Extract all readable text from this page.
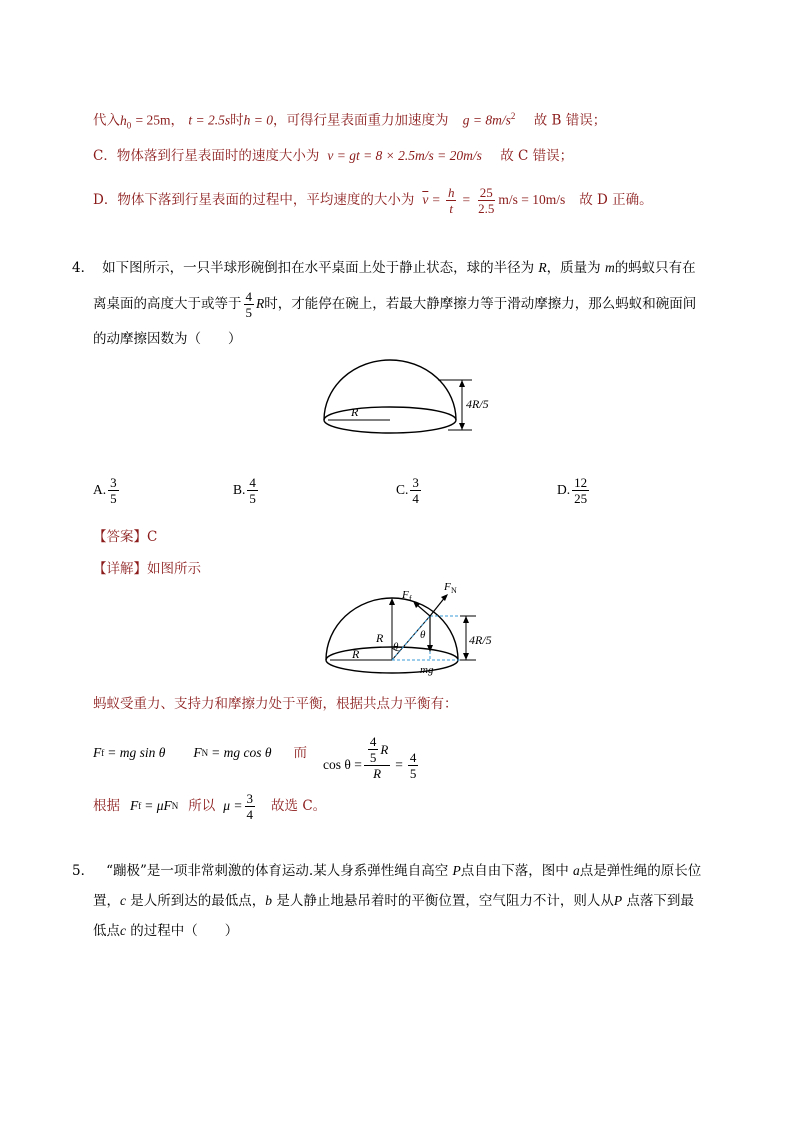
代入$h_0 = 25m$， t = 2.5s时h = 0，可得行星表面重力加速度为 $g = 8m/s^2$ 故 B 错误；
C．物体落到行星表面时的速度大小为 v = gt = 8 × 2.5m/s = 20m/s 故 C 错误；
D．物体下落到行星表面的过程中，平均速度的大小为 $\overline{v} = \frac{h}{t} = \frac{25}{2.5} m/s = 10m/s$ 故 D 正确。
4． 如下图所示，一只半球形碗倒扣在水平桌面上处于静止状态，球的半径为 R，质量为 m的蚂蚁只有在
离桌面的高度大于或等于 $\frac{4}{5}$ R 时，才能停在碗上，若最大静摩擦力等于滑动摩擦力，那么蚂蚁和碗面间
的动摩擦因数为（　　）
R
4R/5
A. $\frac{3}{5}$	B. $\frac{4}{5}$	C. $\frac{3}{4}$	D. $\frac{12}{25}$
【答案】C
【详解】如图所示
F f
F N
R
R	θ
θ
mg
4R/5
蚂蚁受重力、支持力和摩擦力处于平衡，根据共点力平衡有：
F f = mg sin θ F N = mg cos θ 而
$\cos \theta = \frac{\frac{4}{5} R}{R} = \frac{4}{5}$
根据 F f = μF N 所以 $\mu = \frac{3}{4}$ 故选 C。
5． “蹦极”是一项非常刺激的体育运动.某人身系弹性绳自高空 P点自由下落，图中 a点是弹性绳的原长位
置，c 是人所到达的最低点，b 是人静止地悬吊着时的平衡位置，空气阻力不计，则人从P 点落下到最
低点c 的过程中（　　）
